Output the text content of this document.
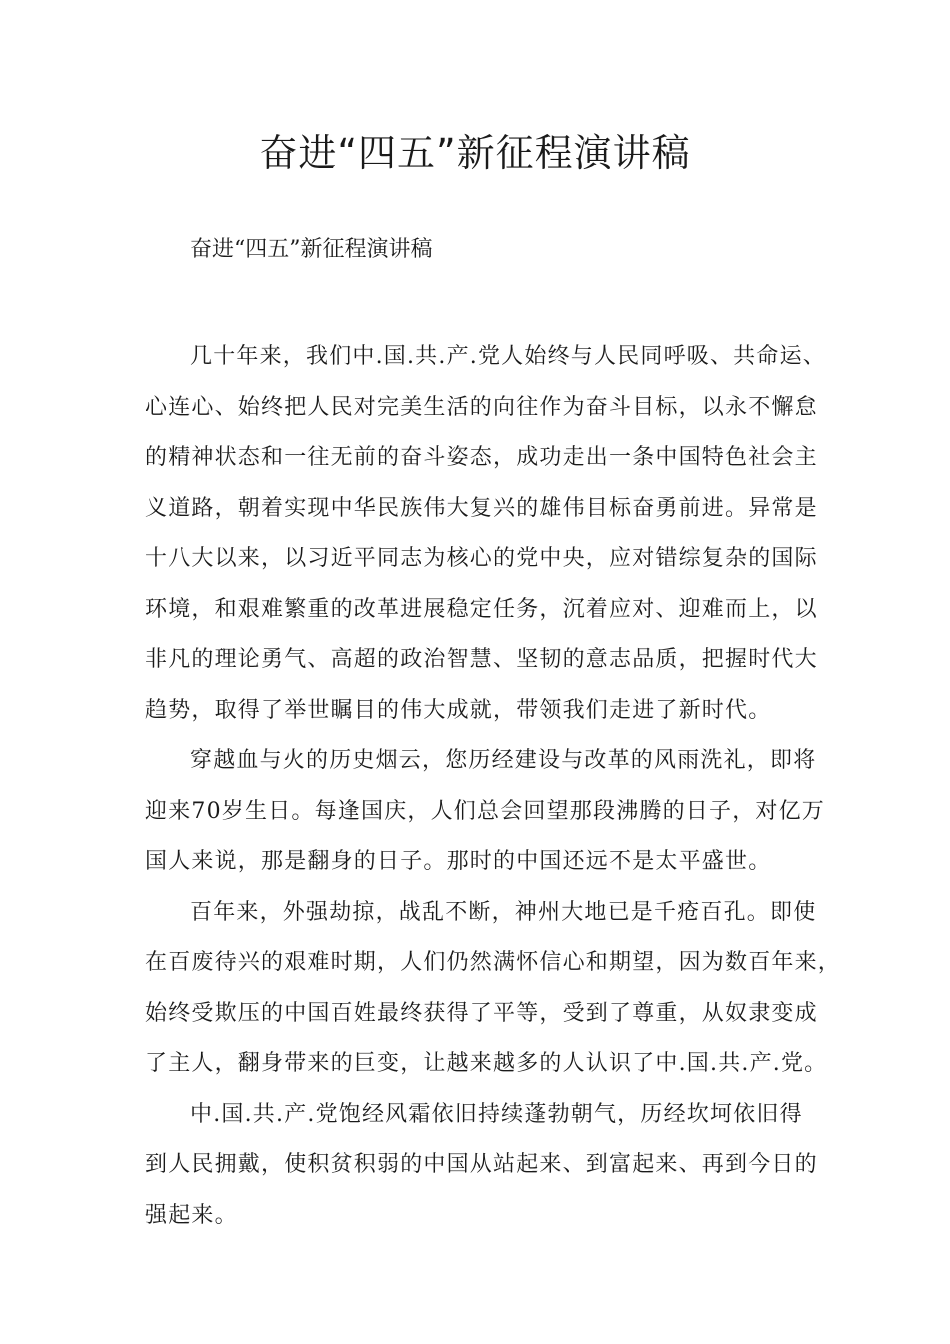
奋进“四五”新征程演讲稿

奋进“四五”新征程演讲稿

几十年来，我们中.国.共.产.党人始终与人民同呼吸、共命运、
心连心、始终把人民对完美生活的向往作为奋斗目标，以永不懈怠
的精神状态和一往无前的奋斗姿态，成功走出一条中国特色社会主
义道路，朝着实现中华民族伟大复兴的雄伟目标奋勇前进。异常是
十八大以来，以习近平同志为核心的党中央，应对错综复杂的国际
环境，和艰难繁重的改革进展稳定任务，沉着应对、迎难而上，以
非凡的理论勇气、高超的政治智慧、坚韧的意志品质，把握时代大
趋势，取得了举世瞩目的伟大成就，带领我们走进了新时代。
穿越血与火的历史烟云，您历经建设与改革的风雨洗礼，即将
迎来70岁生日。每逢国庆，人们总会回望那段沸腾的日子，对亿万
国人来说，那是翻身的日子。那时的中国还远不是太平盛世。
百年来，外强劫掠，战乱不断，神州大地已是千疮百孔。即使
在百废待兴的艰难时期，人们仍然满怀信心和期望，因为数百年来，
始终受欺压的中国百姓最终获得了平等，受到了尊重，从奴隶变成
了主人，翻身带来的巨变，让越来越多的人认识了中.国.共.产.党。
中.国.共.产.党饱经风霜依旧持续蓬勃朝气，历经坎坷依旧得
到人民拥戴，使积贫积弱的中国从站起来、到富起来、再到今日的
强起来。
